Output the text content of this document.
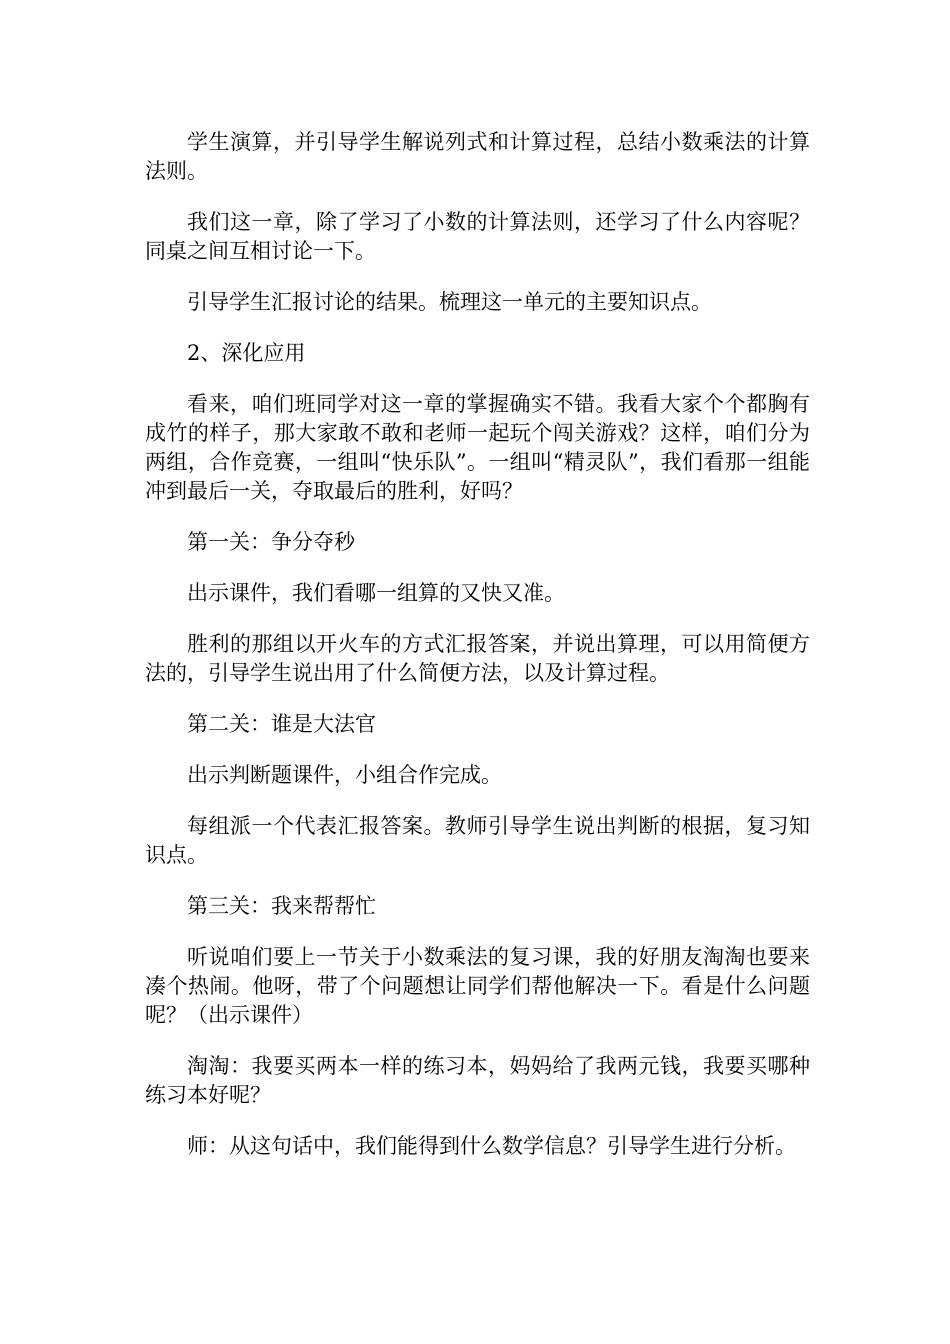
学生演算，并引导学生解说列式和计算过程，总结小数乘法的计算法则。

我们这一章，除了学习了小数的计算法则，还学习了什么内容呢？同桌之间互相讨论一下。

引导学生汇报讨论的结果。梳理这一单元的主要知识点。

2、深化应用

看来，咱们班同学对这一章的掌握确实不错。我看大家个个都胸有成竹的样子，那大家敢不敢和老师一起玩个闯关游戏？这样，咱们分为两组，合作竞赛，一组叫“快乐队”。一组叫“精灵队”，我们看那一组能冲到最后一关，夺取最后的胜利，好吗？

第一关：争分夺秒

出示课件，我们看哪一组算的又快又准。

胜利的那组以开火车的方式汇报答案，并说出算理，可以用简便方法的，引导学生说出用了什么简便方法，以及计算过程。

第二关：谁是大法官

出示判断题课件，小组合作完成。

每组派一个代表汇报答案。教师引导学生说出判断的根据，复习知识点。

第三关：我来帮帮忙

听说咱们要上一节关于小数乘法的复习课，我的好朋友淘淘也要来凑个热闹。他呀，带了个问题想让同学们帮他解决一下。看是什么问题呢？（出示课件）

淘淘：我要买两本一样的练习本，妈妈给了我两元钱，我要买哪种练习本好呢？

师：从这句话中，我们能得到什么数学信息？引导学生进行分析。
